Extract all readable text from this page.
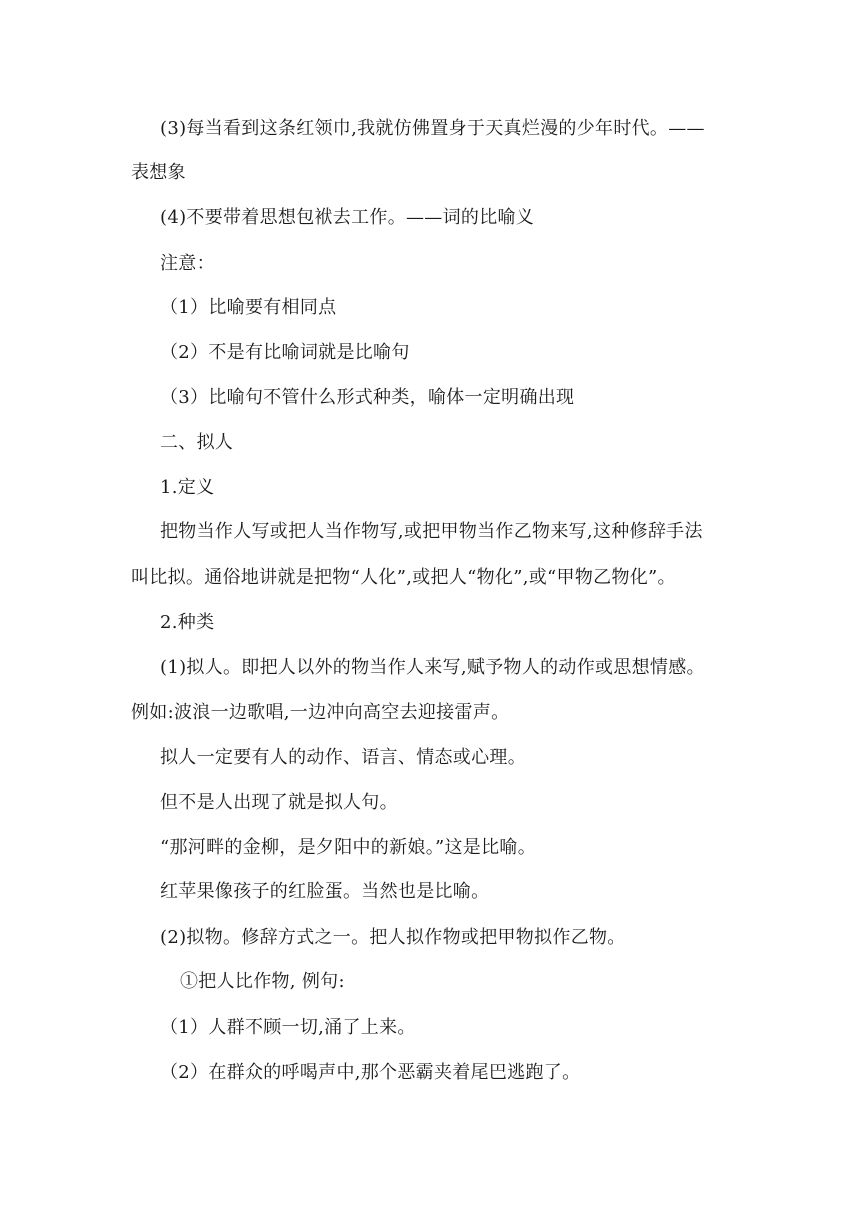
(3)每当看到这条红领巾,我就仿佛置身于天真烂漫的少年时代。——
表想象
(4)不要带着思想包袱去工作。——词的比喻义
注意：
（1）比喻要有相同点
（2）不是有比喻词就是比喻句
（3）比喻句不管什么形式种类，喻体一定明确出现
二、拟人
1.定义
把物当作人写或把人当作物写,或把甲物当作乙物来写,这种修辞手法
叫比拟。通俗地讲就是把物“人化”,或把人“物化”,或“甲物乙物化”。
2.种类
(1)拟人。即把人以外的物当作人来写,赋予物人的动作或思想情感。
例如:波浪一边歌唱,一边冲向高空去迎接雷声。
拟人一定要有人的动作、语言、情态或心理。
但不是人出现了就是拟人句。
“那河畔的金柳，是夕阳中的新娘。”这是比喻。
红苹果像孩子的红脸蛋。当然也是比喻。
(2)拟物。修辞方式之一。把人拟作物或把甲物拟作乙物。
①把人比作物, 例句:
（1）人群不顾一切,涌了上来。
（2）在群众的呼喝声中,那个恶霸夹着尾巴逃跑了。
